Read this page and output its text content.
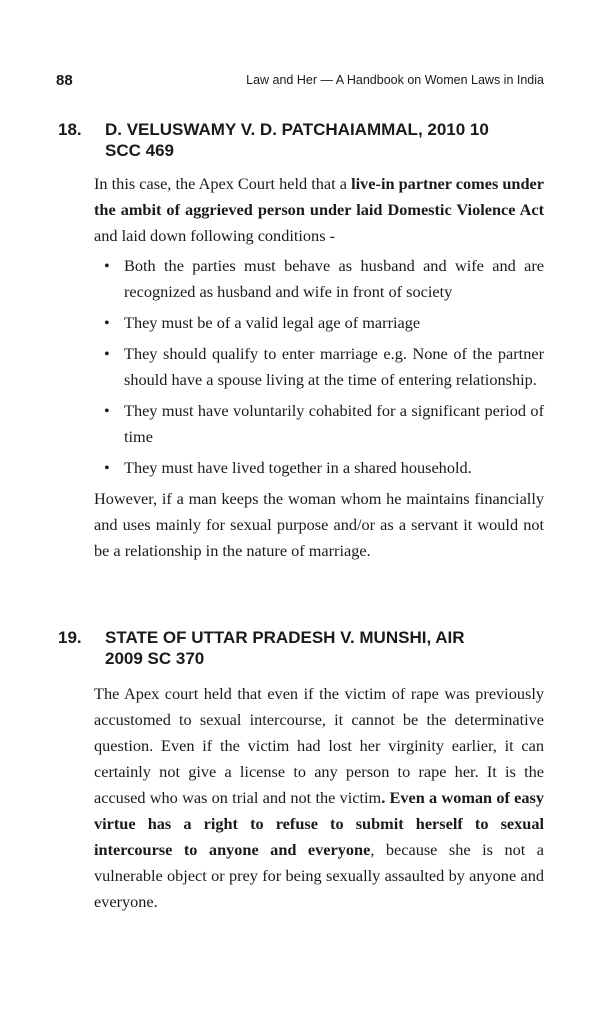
88	Law and Her — A Handbook on Women Laws in India
18. D. VELUSWAMY V. D. PATCHAIAMMAL, 2010 10
SCC 469

In this case, the Apex Court held that a live-in partner comes under the ambit of aggrieved person under laid Domestic Violence Act and laid down following conditions -

• Both the parties must behave as husband and wife and are recognized as husband and wife in front of society
• They must be of a valid legal age of marriage
• They should qualify to enter marriage e.g. None of the partner should have a spouse living at the time of entering relationship.
• They must have voluntarily cohabited for a significant period of time
• They must have lived together in a shared household.

However, if a man keeps the woman whom he maintains financially and uses mainly for sexual purpose and/or as a servant it would not be a relationship in the nature of marriage.

19. STATE OF UTTAR PRADESH V. MUNSHI, AIR
2009 SC 370

The Apex court held that even if the victim of rape was previously accustomed to sexual intercourse, it cannot be the determinative question. Even if the victim had lost her virginity earlier, it can certainly not give a license to any person to rape her. It is the accused who was on trial and not the victim. Even a woman of easy virtue has a right to refuse to submit herself to sexual intercourse to anyone and everyone, because she is not a vulnerable object or prey for being sexually assaulted by anyone and everyone.
